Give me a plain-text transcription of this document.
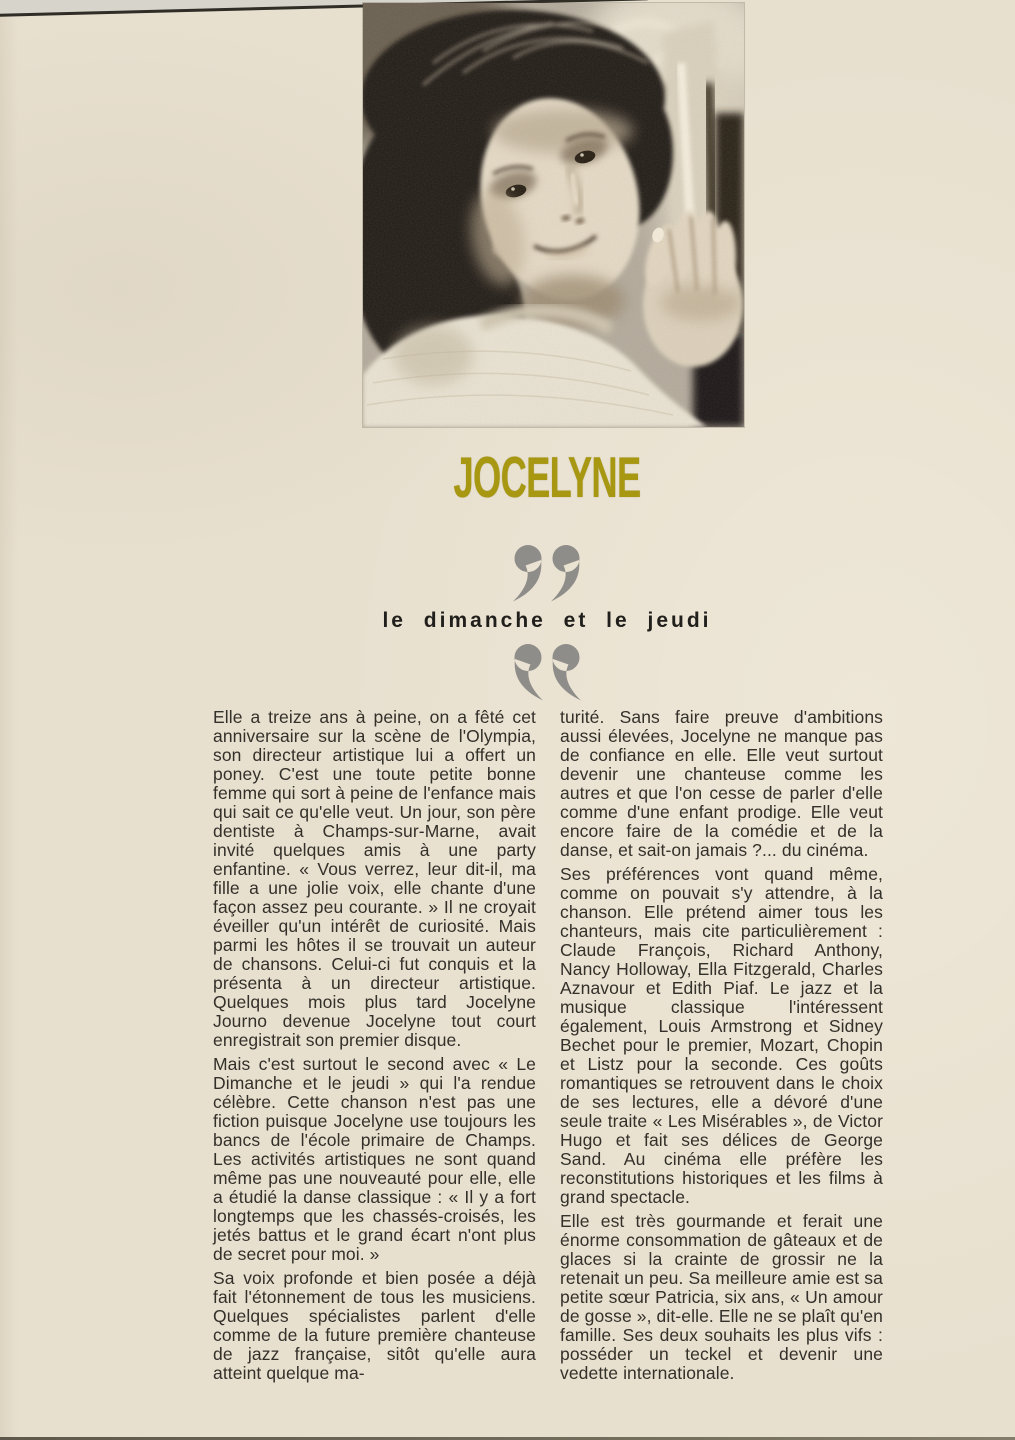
JOCELYNE
le dimanche et le jeudi

Elle a treize ans à peine, on a fêté cet anniversaire sur la scène de l'Olympia, son directeur artistique lui a offert un poney. C'est une toute petite bonne femme qui sort à peine de l'enfance mais qui sait ce qu'elle veut. Un jour, son père dentiste à Champs-sur-Marne, avait invité quelques amis à une party enfantine. « Vous verrez, leur dit-il, ma fille a une jolie voix, elle chante d'une façon assez peu courante. » Il ne croyait éveiller qu'un intérêt de curiosité. Mais parmi les hôtes il se trouvait un auteur de chansons. Celui-ci fut conquis et la présenta à un directeur artistique. Quelques mois plus tard Jocelyne Journo devenue Jocelyne tout court enregistrait son premier disque.

Mais c'est surtout le second avec « Le Dimanche et le jeudi » qui l'a rendue célèbre. Cette chanson n'est pas une fiction puisque Jocelyne use toujours les bancs de l'école primaire de Champs. Les activités artistiques ne sont quand même pas une nouveauté pour elle, elle a étudié la danse classique : « Il y a fort longtemps que les chassés-croisés, les jetés battus et le grand écart n'ont plus de secret pour moi. »

Sa voix profonde et bien posée a déjà fait l'étonnement de tous les musiciens. Quelques spécialistes parlent d'elle comme de la future première chanteuse de jazz française, sitôt qu'elle aura atteint quelque ma-

turité. Sans faire preuve d'ambitions aussi élevées, Jocelyne ne manque pas de confiance en elle. Elle veut surtout devenir une chanteuse comme les autres et que l'on cesse de parler d'elle comme d'une enfant prodige. Elle veut encore faire de la comédie et de la danse, et sait-on jamais ?... du cinéma.

Ses préférences vont quand même, comme on pouvait s'y attendre, à la chanson. Elle prétend aimer tous les chanteurs, mais cite particulièrement : Claude François, Richard Anthony, Nancy Holloway, Ella Fitzgerald, Charles Aznavour et Edith Piaf. Le jazz et la musique classique l'intéressent également, Louis Armstrong et Sidney Bechet pour le premier, Mozart, Chopin et Listz pour la seconde. Ces goûts romantiques se retrouvent dans le choix de ses lectures, elle a dévoré d'une seule traite « Les Misérables », de Victor Hugo et fait ses délices de George Sand. Au cinéma elle préfère les reconstitutions historiques et les films à grand spectacle.

Elle est très gourmande et ferait une énorme consommation de gâteaux et de glaces si la crainte de grossir ne la retenait un peu. Sa meilleure amie est sa petite sœur Patricia, six ans, « Un amour de gosse », dit-elle. Elle ne se plaît qu'en famille. Ses deux souhaits les plus vifs : posséder un teckel et devenir une vedette internationale.
